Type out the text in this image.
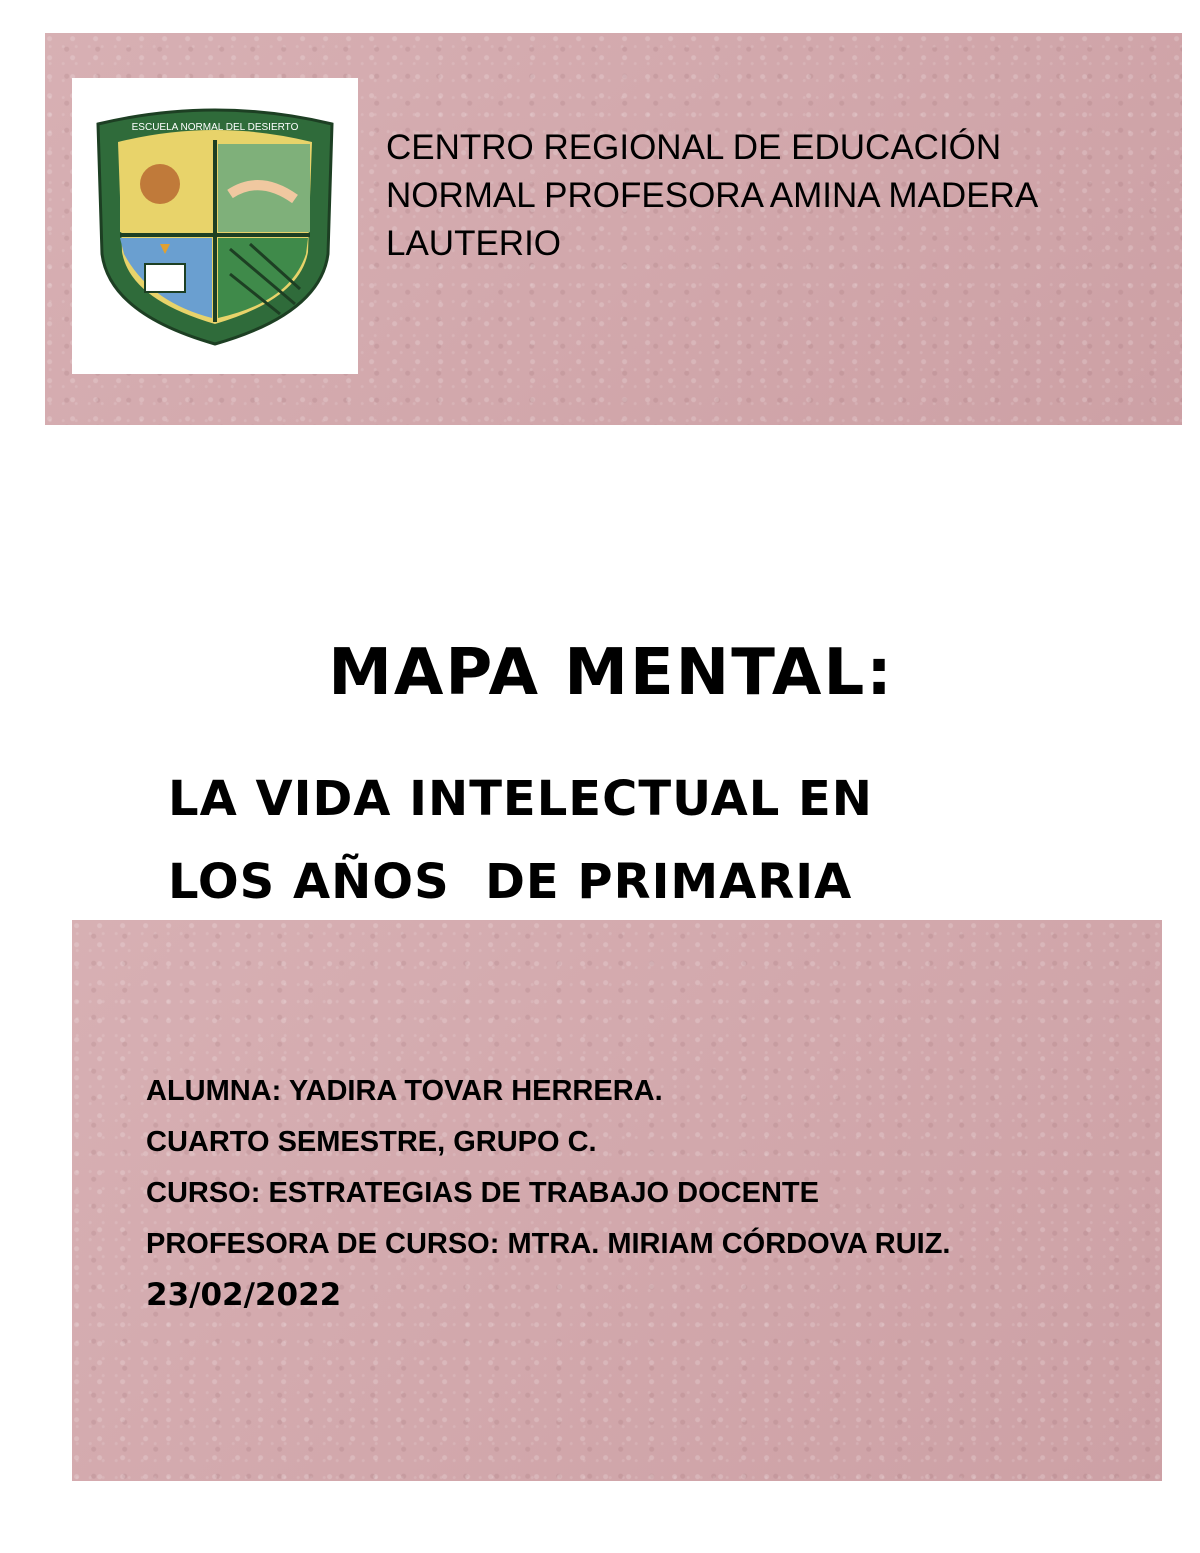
ESCUELA NORMAL DEL DESIERTO
CENTRO REGIONAL DE EDUCACIÓN
NORMAL PROFESORA AMINA MADERA
LAUTERIO
MAPA MENTAL:
LA VIDA INTELECTUAL EN
LOS AÑOS  DE PRIMARIA
ALUMNA: YADIRA TOVAR HERRERA.
CUARTO SEMESTRE, GRUPO C.
CURSO: ESTRATEGIAS DE TRABAJO DOCENTE
PROFESORA DE CURSO: MTRA. MIRIAM CÓRDOVA RUIZ.
23/02/2022
